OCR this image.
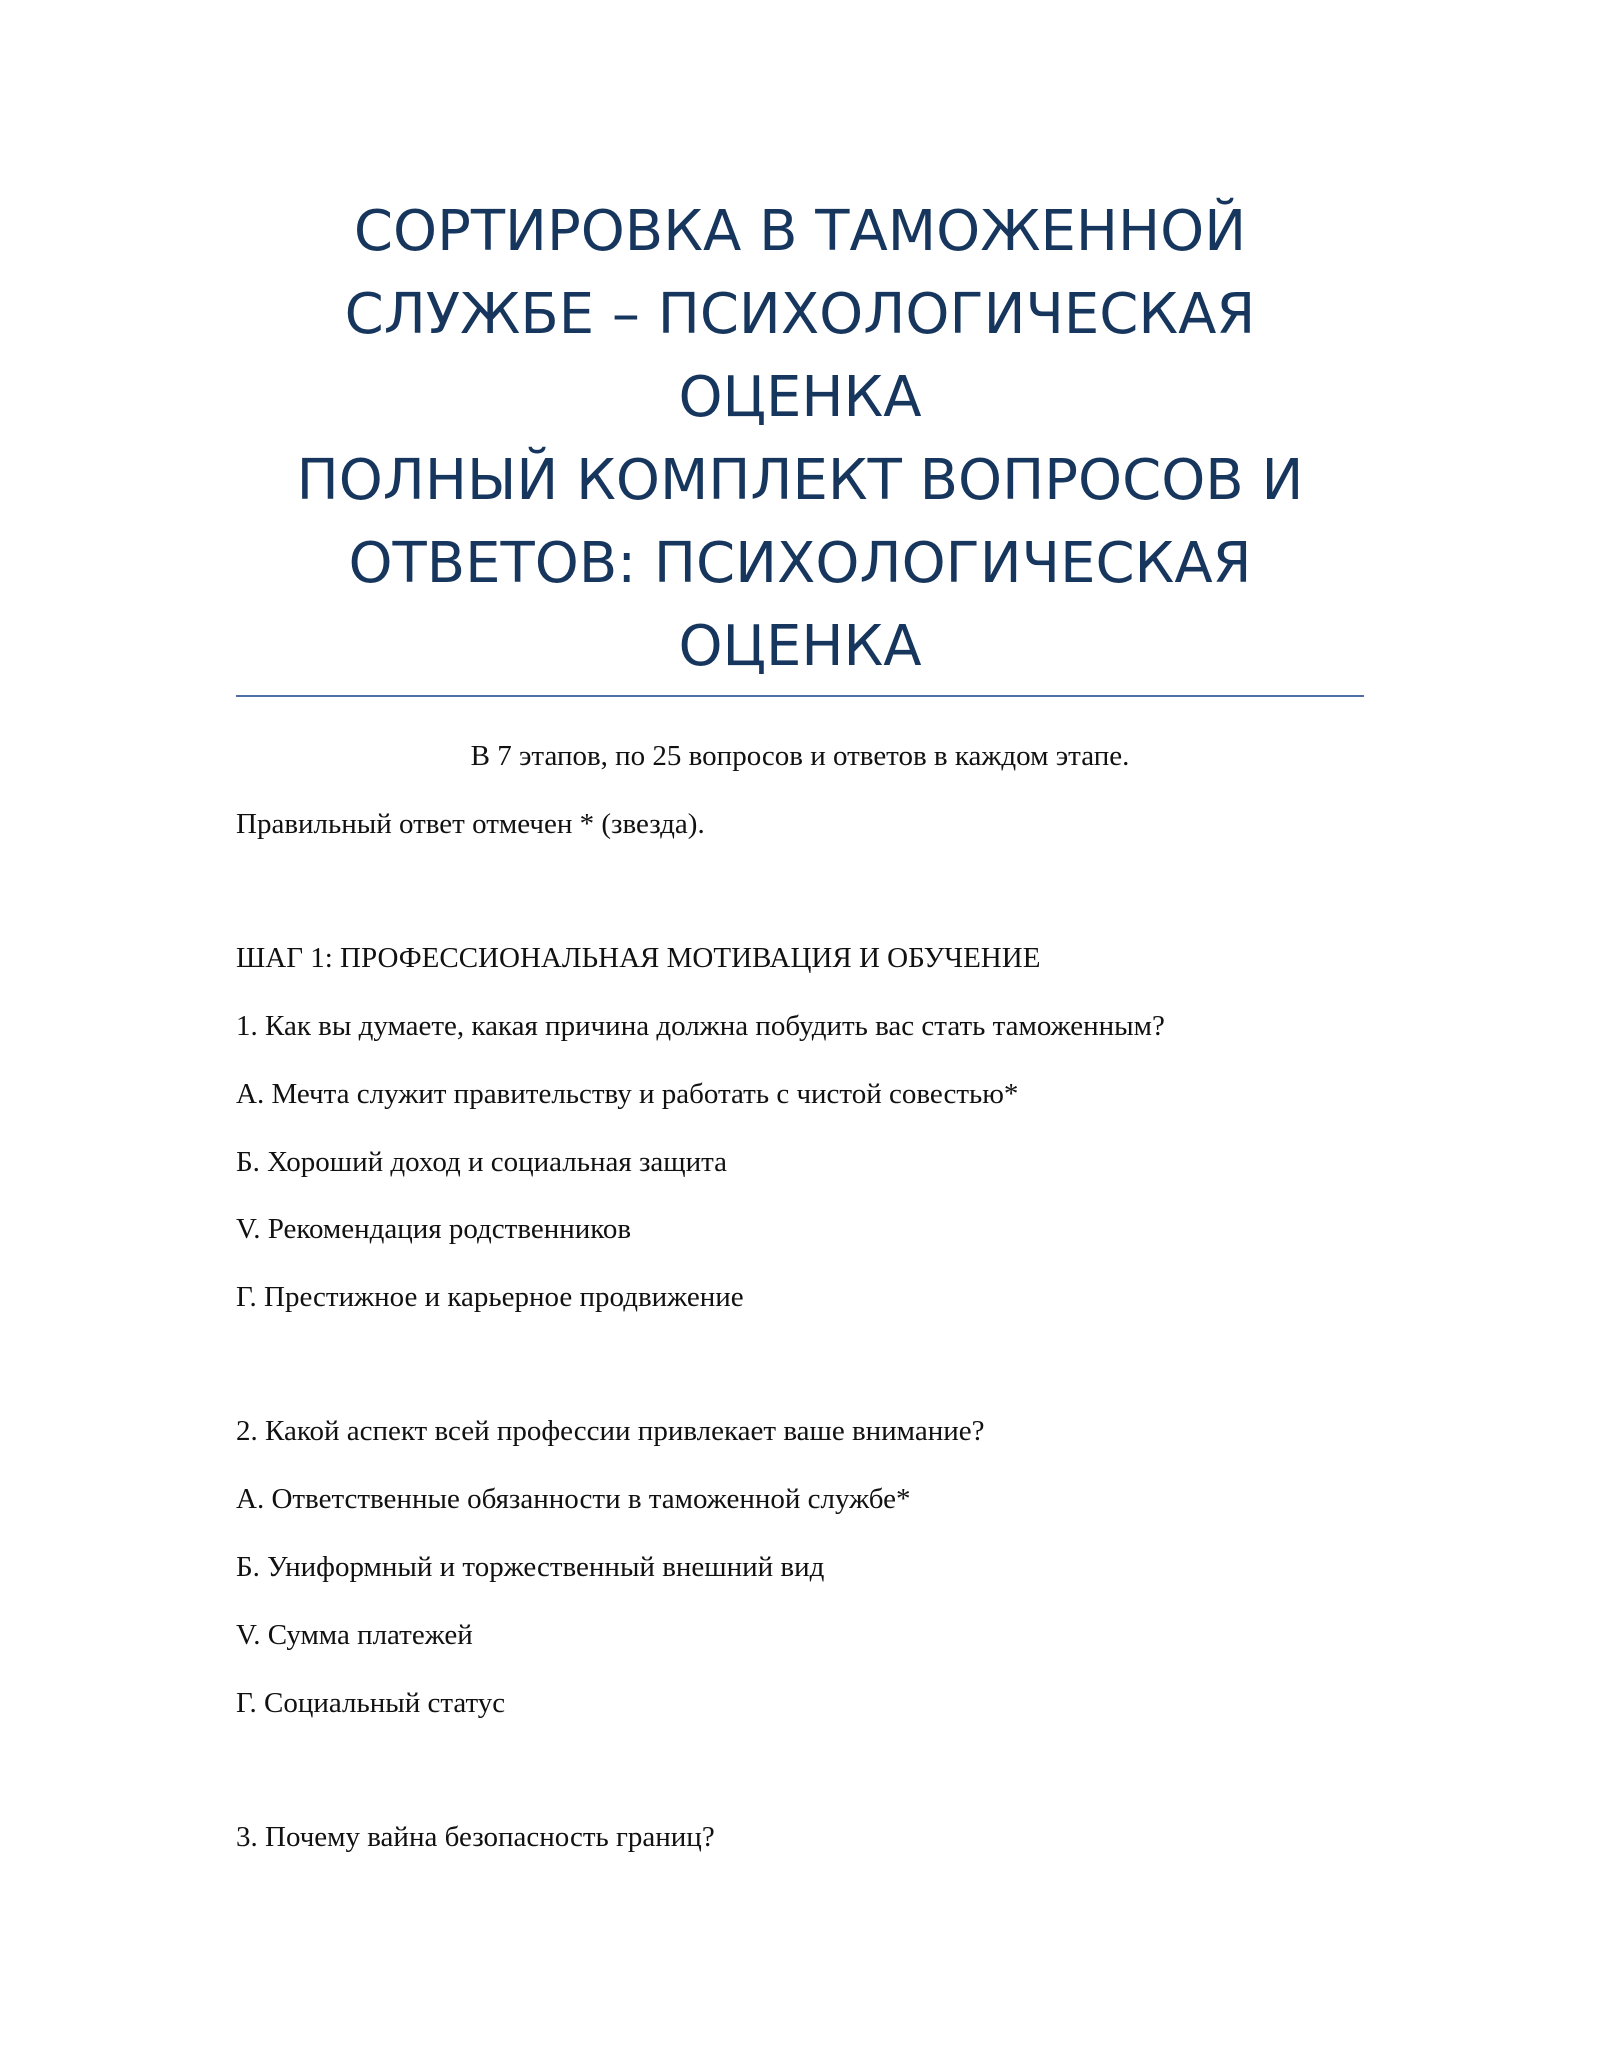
СОРТИРОВКА В ТАМОЖЕННОЙ
СЛУЖБЕ – ПСИХОЛОГИЧЕСКАЯ
ОЦЕНКА
ПОЛНЫЙ КОМПЛЕКТ ВОПРОСОВ И
ОТВЕТОВ: ПСИХОЛОГИЧЕСКАЯ
ОЦЕНКА
В 7 этапов, по 25 вопросов и ответов в каждом этапе.
Правильный ответ отмечен * (звезда).
ШАГ 1: ПРОФЕССИОНАЛЬНАЯ МОТИВАЦИЯ И ОБУЧЕНИЕ
1. Как вы думаете, какая причина должна побудить вас стать таможенным?
А. Мечта служит правительству и работать с чистой совестью*
Б. Хороший доход и социальная защита
V. Рекомендация родственников
Г. Престижное и карьерное продвижение
2. Какой аспект всей профессии привлекает ваше внимание?
А. Ответственные обязанности в таможенной службе*
Б. Униформный и торжественный внешний вид
V. Сумма платежей
Г. Социальный статус
3. Почему вайна безопасность границ?
